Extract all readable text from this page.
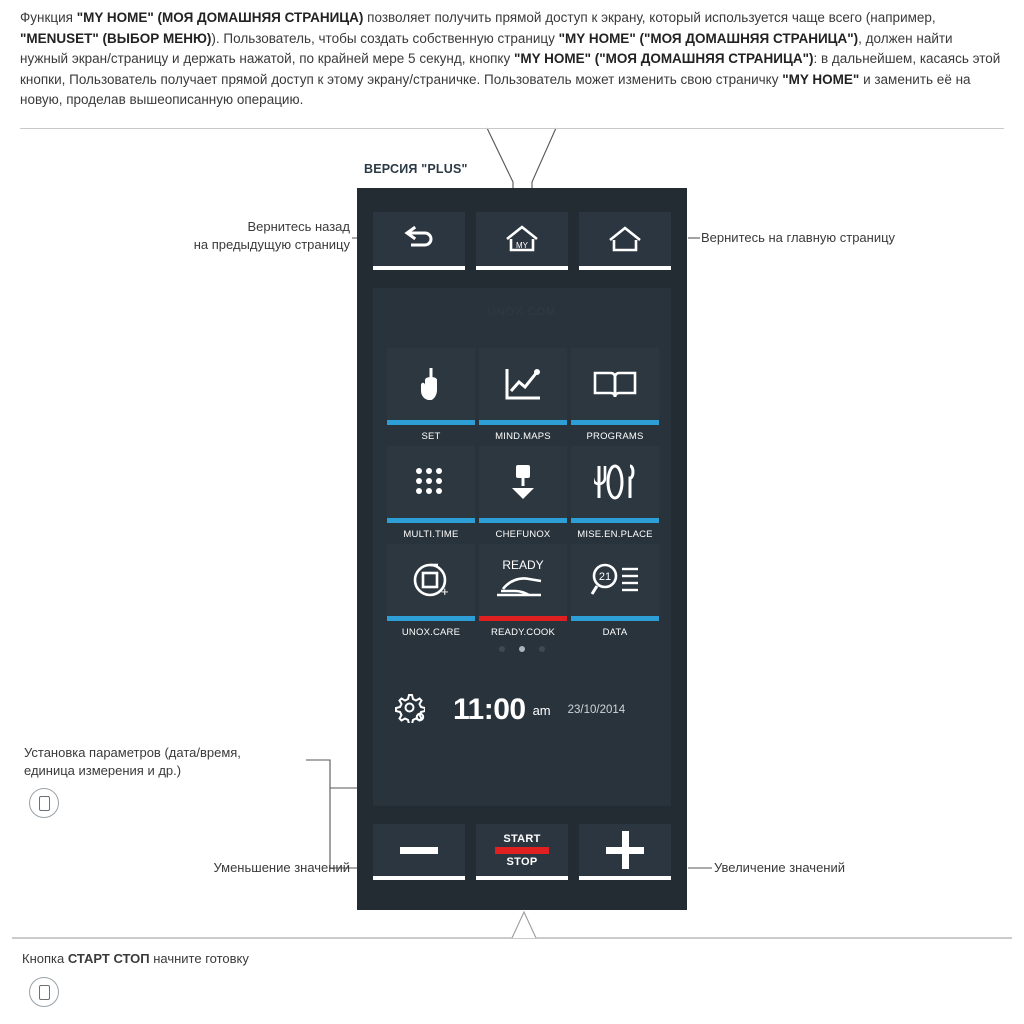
Функция "MY HOME" (МОЯ ДОМАШНЯЯ СТРАНИЦА) позволяет получить прямой доступ к экрану, который используется чаще всего (например, "MENUSET" (ВЫБОР МЕНЮ)). Пользователь, чтобы создать собственную страницу "MY HOME" ("МОЯ ДОМАШНЯЯ СТРАНИЦА"), должен найти нужный экран/страницу и держать нажатой, по крайней мере 5 секунд, кнопку "MY HOME" ("МОЯ ДОМАШНЯЯ СТРАНИЦА"): в дальнейшем, касаясь этой кнопки, Пользователь получает прямой доступ к этому экрану/страничке. Пользователь может изменить свою страничку "MY HOME" и заменить её на новую, проделав вышеописанную операцию.
ВЕРСИЯ "PLUS"
MY
UNOX.COM
SET	MIND.MAPS	PROGRAMS
MULTI.TIME	CHEFUNOX	MISE.EN.PLACE
+
UNOX.CARE
READY
READY.COOK
21
DATA
11:00 am 23/10/2014
START
STOP
Вернитесь назад
на предыдущую страницу	Вернитесь на главную страницу
Установка параметров (дата/время,
единица измерения и др.)
Уменьшение значений	Увеличение значений
Кнопка СТАРТ СТОП начните готовку
